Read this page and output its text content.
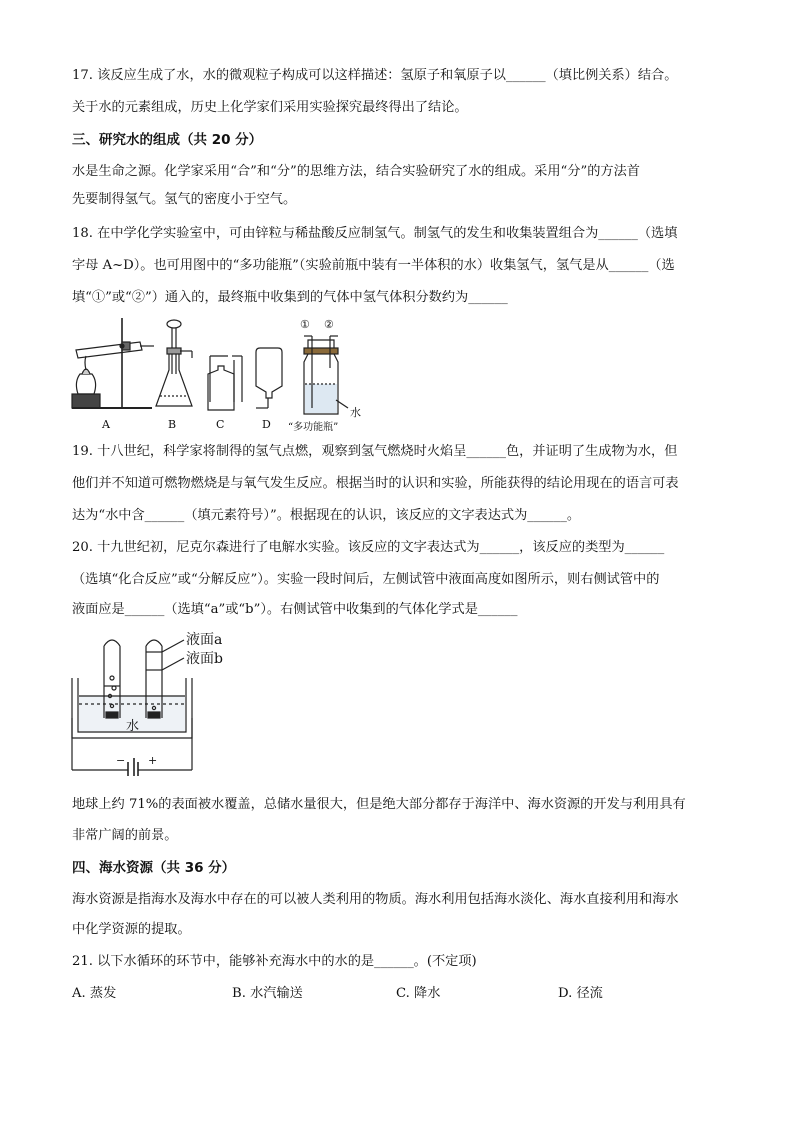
17. 该反应生成了水，水的微观粒子构成可以这样描述：氢原子和氧原子以______（填比例关系）结合。
关于水的元素组成，历史上化学家们采用实验探究最终得出了结论。
三、研究水的组成（共 20 分）
水是生命之源。化学家采用“合”和“分”的思维方法，结合实验研究了水的组成。采用“分”的方法首
先要制得氢气。氢气的密度小于空气。
18. 在中学化学实验室中，可由锌粒与稀盐酸反应制氢气。制氢气的发生和收集装置组合为______（选填
字母 A~D）。也可用图中的“多功能瓶”（实验前瓶中装有一半体积的水）收集氢气，氢气是从______（选
填“①”或“②”）通入的，最终瓶中收集到的气体中氢气体积分数约为______
A	B	C	D
① ②
水
“多功能瓶”
19. 十八世纪，科学家将制得的氢气点燃，观察到氢气燃烧时火焰呈______色，并证明了生成物为水，但
他们并不知道可燃物燃烧是与氧气发生反应。根据当时的认识和实验，所能获得的结论用现在的语言可表
达为“水中含______（填元素符号）”。根据现在的认识，该反应的文字表达式为______。
20. 十九世纪初，尼克尔森进行了电解水实验。该反应的文字表达式为______，该反应的类型为______
（选填“化合反应”或“分解反应”）。实验一段时间后，左侧试管中液面高度如图所示，则右侧试管中的
液面应是______（选填“a”或“b”）。右侧试管中收集到的气体化学式是______
液面a
液面b
水
− +
地球上约 71%的表面被水覆盖，总储水量很大，但是绝大部分都存于海洋中、海水资源的开发与利用具有
非常广阔的前景。
四、海水资源（共 36 分）
海水资源是指海水及海水中存在的可以被人类利用的物质。海水利用包括海水淡化、海水直接利用和海水
中化学资源的提取。
21. 以下水循环的环节中，能够补充海水中的水的是______。(不定项)
A. 蒸发	B. 水汽输送	C. 降水	D. 径流
